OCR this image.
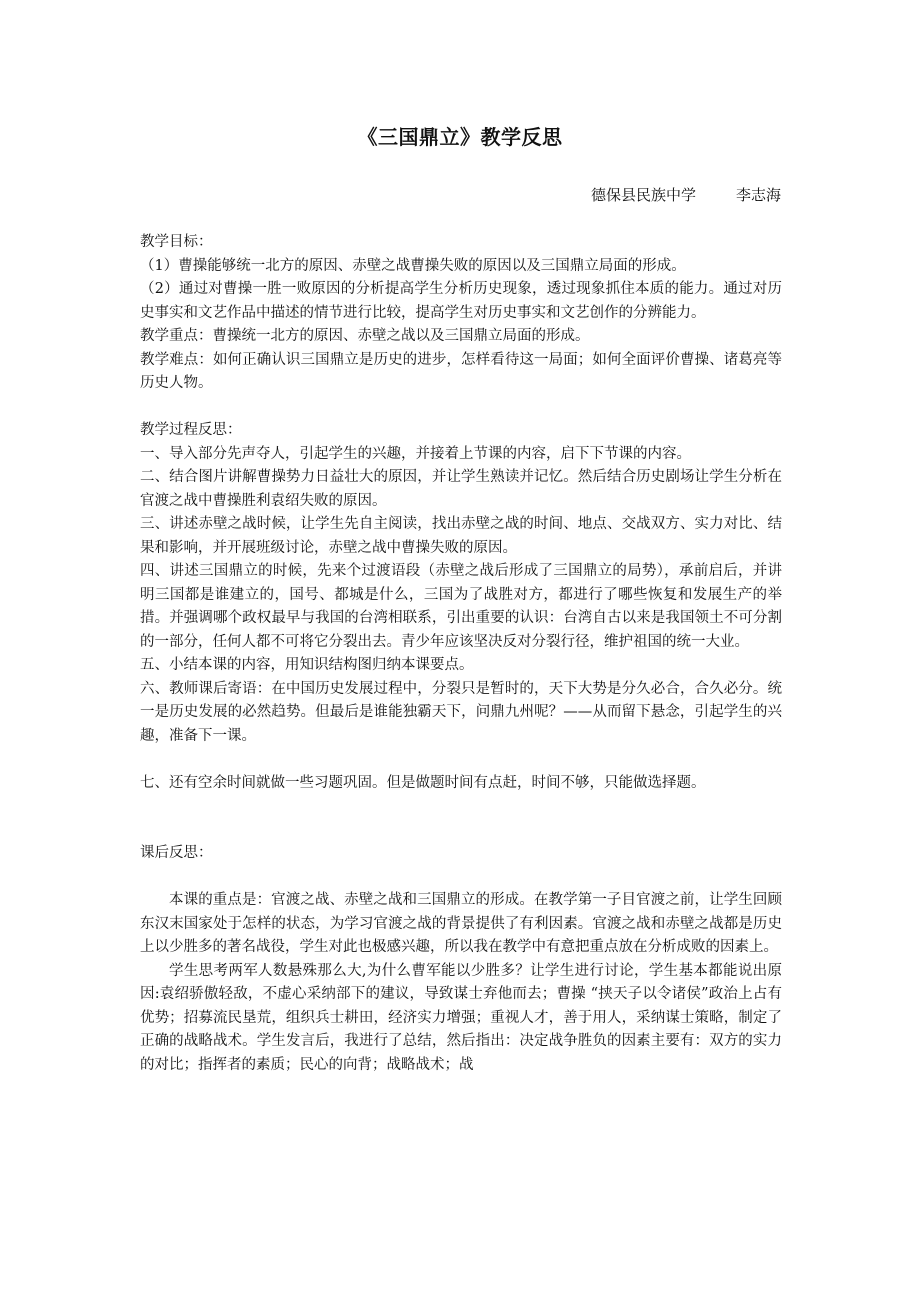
《三国鼎立》教学反思
德保县民族中学	李志海

教学目标：

（1）曹操能够统一北方的原因、赤壁之战曹操失败的原因以及三国鼎立局面的形成。

（2）通过对曹操一胜一败原因的分析提高学生分析历史现象，透过现象抓住本质的能力。通过对历史事实和文艺作品中描述的情节进行比较，提高学生对历史事实和文艺创作的分辨能力。

教学重点：曹操统一北方的原因、赤壁之战以及三国鼎立局面的形成。

教学难点：如何正确认识三国鼎立是历史的进步，怎样看待这一局面；如何全面评价曹操、诸葛亮等历史人物。

教学过程反思：

一、导入部分先声夺人，引起学生的兴趣，并接着上节课的内容，启下下节课的内容。

二、结合图片讲解曹操势力日益壮大的原因，并让学生熟读并记忆。然后结合历史剧场让学生分析在官渡之战中曹操胜利袁绍失败的原因。

三、讲述赤壁之战时候，让学生先自主阅读，找出赤壁之战的时间、地点、交战双方、实力对比、结果和影响，并开展班级讨论，赤壁之战中曹操失败的原因。

四、讲述三国鼎立的时候，先来个过渡语段（赤壁之战后形成了三国鼎立的局势），承前启后，并讲明三国都是谁建立的，国号、都城是什么，三国为了战胜对方，都进行了哪些恢复和发展生产的举措。并强调哪个政权最早与我国的台湾相联系，引出重要的认识：台湾自古以来是我国领土不可分割的一部分，任何人都不可将它分裂出去。青少年应该坚决反对分裂行径，维护祖国的统一大业。

五、小结本课的内容，用知识结构图归纳本课要点。

六、教师课后寄语：在中国历史发展过程中，分裂只是暂时的，天下大势是分久必合，合久必分。统一是历史发展的必然趋势。但最后是谁能独霸天下，问鼎九州呢？——从而留下悬念，引起学生的兴趣，准备下一课。

七、还有空余时间就做一些习题巩固。但是做题时间有点赶，时间不够，只能做选择题。

课后反思：

本课的重点是：官渡之战、赤壁之战和三国鼎立的形成。在教学第一子目官渡之前，让学生回顾东汉末国家处于怎样的状态，为学习官渡之战的背景提供了有利因素。官渡之战和赤壁之战都是历史上以少胜多的著名战役，学生对此也极感兴趣，所以我在教学中有意把重点放在分析成败的因素上。

学生思考两军人数悬殊那么大,为什么曹军能以少胜多？让学生进行讨论，学生基本都能说出原因:袁绍骄傲轻敌，不虚心采纳部下的建议，导致谋士弃他而去；曹操 “挟天子以令诸侯”政治上占有优势；招募流民垦荒，组织兵士耕田，经济实力增强；重视人才，善于用人，采纳谋士策略，制定了正确的战略战术。学生发言后，我进行了总结，然后指出：决定战争胜负的因素主要有：双方的实力的对比；指挥者的素质；民心的向背；战略战术；战
